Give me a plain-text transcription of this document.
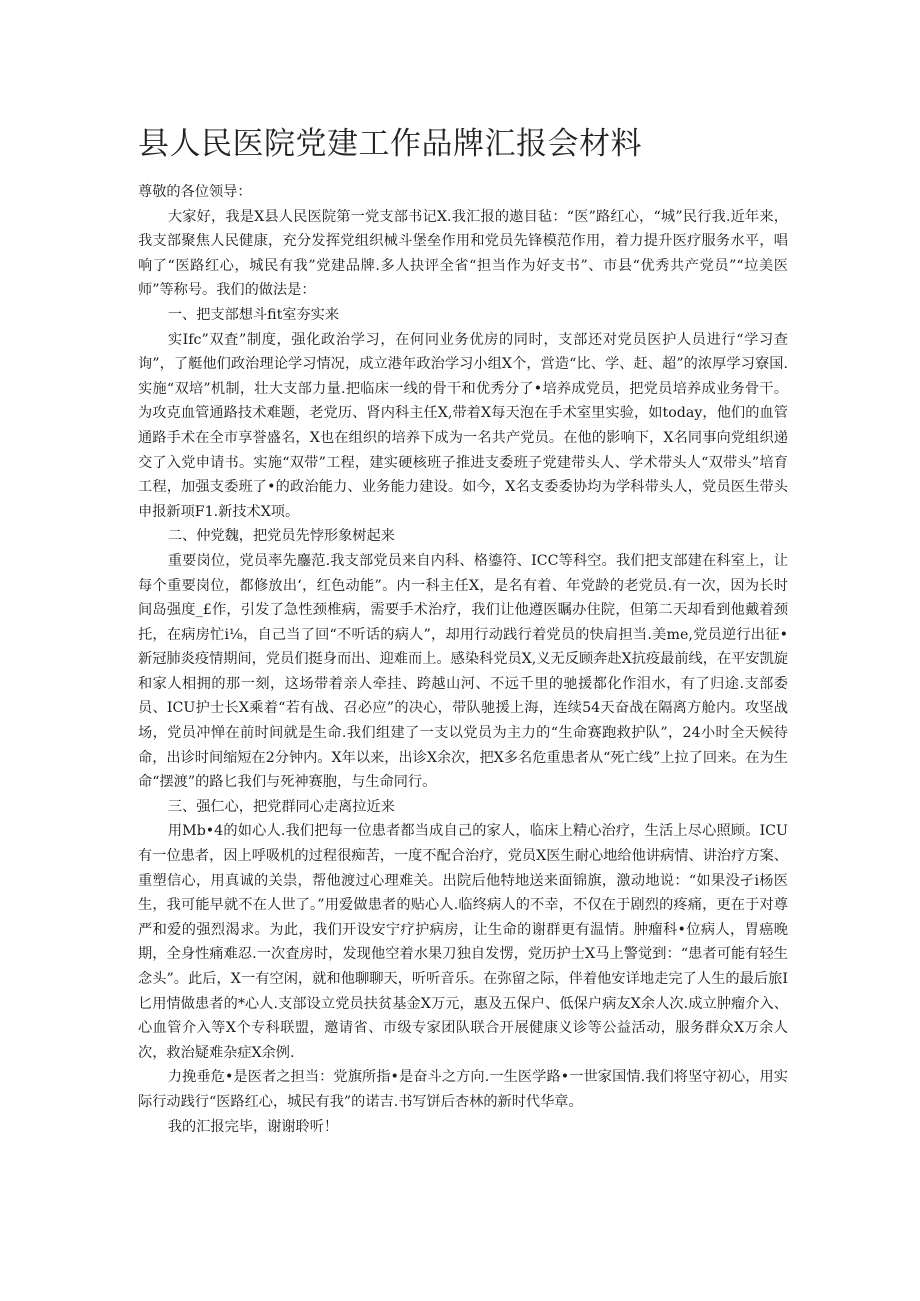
县人民医院党建工作品牌汇报会材料

尊敬的各位领导：

大家好，我是X县人民医院第一党支部书记X.我汇报的遨目毡：“医”路红心，“城”民行我.近年来，我支部聚焦人民健康，充分发挥党组织械斗堡垒作用和党员先锋模范作用，着力提升医疗服务水平，唱响了“医路红心，城民有我”党建品牌.多人抉评全省“担当作为好支书”、市县“优秀共产党员”“垃美医师”等称号。我们的做法是：

一、把支部想斗fit室夯实来

实Ifc”双査”制度，强化政治学习，在何冋业务优房的同时，支部还对党员医护人员进行“学习查询”，了艇他们政治理论学习情况，成立港年政治学习小组X个，営造“比、学、赶、超”的浓厚学习寮国.实施“双培”机制，壮大支部力量.把临床一线的骨干和优秀分了•培养成党员，把党员培养成业务骨干。为攻克血管通路技术难题，老党历、肾内科主任X,带着X每天泡在手术室里实验，如today，他们的血管通路手术在全市享誉盛名，X也在组织的培养下成为一名共产党员。在他的影响下，X名同事向党组织递交了入党申请书。实施“双带”工程，建实硬核班子推进支委班子党建带头人、学术带头人“双带头”培育工程，加强支委班了•的政治能力、业务能力建设。如今，X名支委委协均为学科带头人，党员医生带头申报新项F1.新技术X项。

二、仲党魏，把党员先悖形象树起来

重要岗位，党员率先鏖范.我支部党员来自内科、格鎏符、ICC等科空。我们把支部建在科室上，让每个重要岗位，都修放出‘，红色动能”。内一科主任X，是名有着、年党龄的老党员.有一次，因为长时间岛强度_£作，引发了急性颈椎病，需要手术治疗，我们让他遵医瞩办住院，但第二天却看到他戴着颈托，在病房忙i⅛，自己当了回“不听话的病人”，却用行动践行着党员的快肩担当.美me,党员逆行出征•新冠肺炎疫情期间，党员们挺身而出、迎难而上。感染科党员X,义无反顾奔赴X抗疫最前线，在平安凯旋和家人相拥的那一刻，这场带着亲人牵挂、跨越山河、不远千里的驰援都化作泪水，有了归途.支部委员、ICU护士长X乘着“若有战、召必应”的决心，带队驰援上海，连续54天奋战在隔离方舱内。攻坚战场，党员冲惮在前时间就是生命.我们组建了一支以党员为主力的“生命赛跑救护队”，24小时全天候待命，出诊时间缩短在2分钟内。X年以来，出诊X余次，把X多名危重患者从“死亡线”上拉了回来。在为生命“摆渡”的路匕我们与死神赛胞，与生命同行。

三、强仁心，把党群同心走离拉近来

用Mb•4的如心人.我们把每一位患者都当成自己的家人，临床上精心治疗，生活上尽心照顾。ICU有一位患者，因上呼吸机的过程很痴苦，一度不配合治疗，党员X医生耐心地给他讲病情、讲治疗方案、重塑信心，用真诚的关祟，帮他渡过心理难关。出院后他特地送来面锦旗，激动地说：“如果没孑i杨医生，我可能早就不在人世了。”用爱做患者的贴心人.临终病人的不幸，不仅在于剧烈的疼痛，更在于对尊严和爱的强烈渴求。为此，我们开设安宁疗护病房，让生命的谢群更有温情。肿瘤科•位病人，胃癌晚期，全身性痛难忍.一次査房时，发现他空着水果刀独自发愣，党历护士X马上警觉到：“患者可能有轻生念头”。此后，X一有空闲，就和他聊聊天，听听音乐。在弥留之际，伴着他安详地走完了人生的最后旅I匕用情做患者的*心人.支部设立党员扶贫基金X万元，惠及五保户、低保户病友X余人次.成立肿瘤介入、心血管介入等X个专科联盟，邀请省、市级专家团队联合开展健康义诊等公益活动，服务群众X万余人次，救治疑难杂症X余例.

力挽垂危•是医者之担当：党旗所指•是奋斗之方向.一生医学路•一世家国情.我们将坚守初心，用实际行动践行“医路红心，城民有我”的诺吉.书写饼后杏林的新时代华章。

我的汇报完毕，谢谢聆听！
